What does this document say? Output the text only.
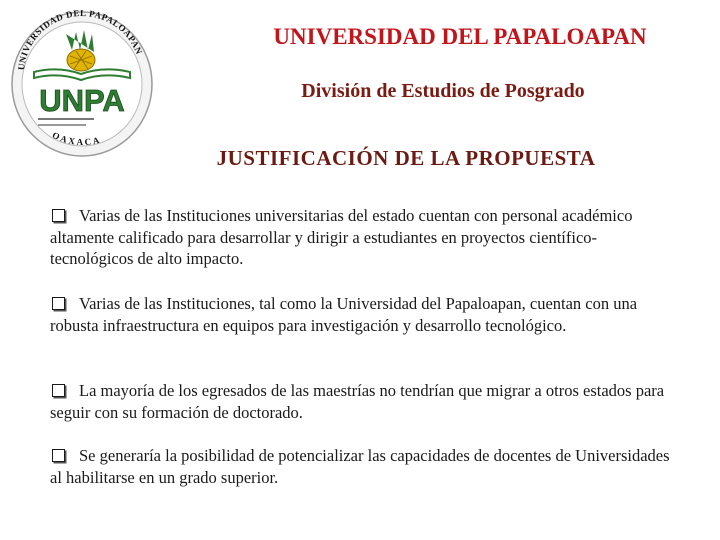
UNIVERSIDAD DEL PAPALOAPAN
UNPA
OAXACA
UNIVERSIDAD DEL PAPALOAPAN
División de Estudios de Posgrado
JUSTIFICACIÓN DE LA PROPUESTA

Varias de las Instituciones universitarias del estado cuentan con personal académico altamente calificado para desarrollar y dirigir a estudiantes en proyectos científico-tecnológicos de alto impacto.

Varias de las Instituciones, tal como la Universidad del Papaloapan, cuentan con una robusta infraestructura en equipos para investigación y desarrollo tecnológico.

La mayoría de los egresados de las maestrías no tendrían que migrar a otros estados para seguir con su formación de doctorado.

Se generaría la posibilidad de potencializar las capacidades de docentes de Universidades al habilitarse en un grado superior.
